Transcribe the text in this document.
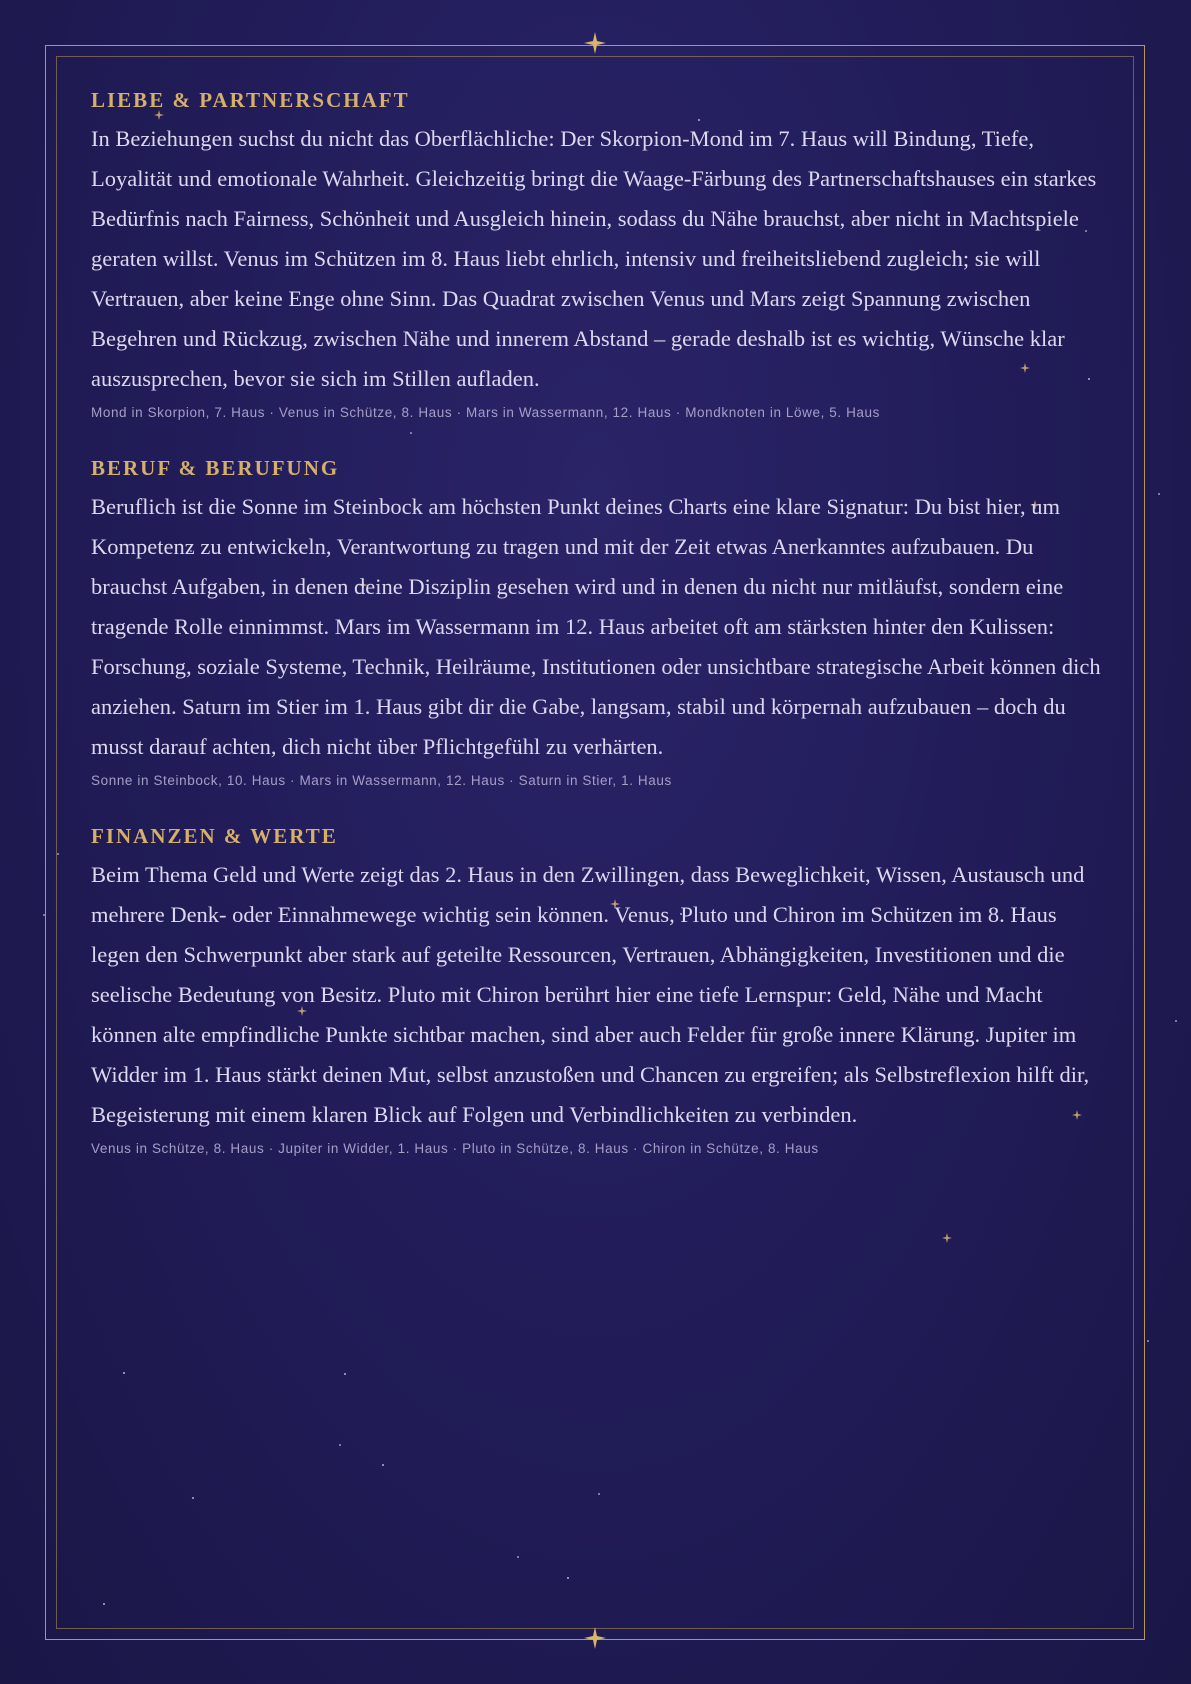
LIEBE & PARTNERSCHAFT

In Beziehungen suchst du nicht das Oberflächliche: Der Skorpion-Mond im 7. Haus will Bindung, Tiefe, Loyalität und emotionale Wahrheit. Gleichzeitig bringt die Waage-Färbung des Partnerschaftshauses ein starkes Bedürfnis nach Fairness, Schönheit und Ausgleich hinein, sodass du Nähe brauchst, aber nicht in Machtspiele geraten willst. Venus im Schützen im 8. Haus liebt ehrlich, intensiv und freiheitsliebend zugleich; sie will Vertrauen, aber keine Enge ohne Sinn. Das Quadrat zwischen Venus und Mars zeigt Spannung zwischen Begehren und Rückzug, zwischen Nähe und innerem Abstand – gerade deshalb ist es wichtig, Wünsche klar auszusprechen, bevor sie sich im Stillen aufladen.

Mond in Skorpion, 7. Haus · Venus in Schütze, 8. Haus · Mars in Wassermann, 12. Haus · Mondknoten in Löwe, 5. Haus

BERUF & BERUFUNG

Beruflich ist die Sonne im Steinbock am höchsten Punkt deines Charts eine klare Signatur: Du bist hier, um Kompetenz zu entwickeln, Verantwortung zu tragen und mit der Zeit etwas Anerkanntes aufzubauen. Du brauchst Aufgaben, in denen deine Disziplin gesehen wird und in denen du nicht nur mitläufst, sondern eine tragende Rolle einnimmst. Mars im Wassermann im 12. Haus arbeitet oft am stärksten hinter den Kulissen: Forschung, soziale Systeme, Technik, Heilräume, Institutionen oder unsichtbare strategische Arbeit können dich anziehen. Saturn im Stier im 1. Haus gibt dir die Gabe, langsam, stabil und körpernah aufzubauen – doch du musst darauf achten, dich nicht über Pflichtgefühl zu verhärten.

Sonne in Steinbock, 10. Haus · Mars in Wassermann, 12. Haus · Saturn in Stier, 1. Haus

FINANZEN & WERTE

Beim Thema Geld und Werte zeigt das 2. Haus in den Zwillingen, dass Beweglichkeit, Wissen, Austausch und mehrere Denk- oder Einnahmewege wichtig sein können. Venus, Pluto und Chiron im Schützen im 8. Haus legen den Schwerpunkt aber stark auf geteilte Ressourcen, Vertrauen, Abhängigkeiten, Investitionen und die seelische Bedeutung von Besitz. Pluto mit Chiron berührt hier eine tiefe Lernspur: Geld, Nähe und Macht können alte empfindliche Punkte sichtbar machen, sind aber auch Felder für große innere Klärung. Jupiter im Widder im 1. Haus stärkt deinen Mut, selbst anzustoßen und Chancen zu ergreifen; als Selbstreflexion hilft dir, Begeisterung mit einem klaren Blick auf Folgen und Verbindlichkeiten zu verbinden.

Venus in Schütze, 8. Haus · Jupiter in Widder, 1. Haus · Pluto in Schütze, 8. Haus · Chiron in Schütze, 8. Haus
